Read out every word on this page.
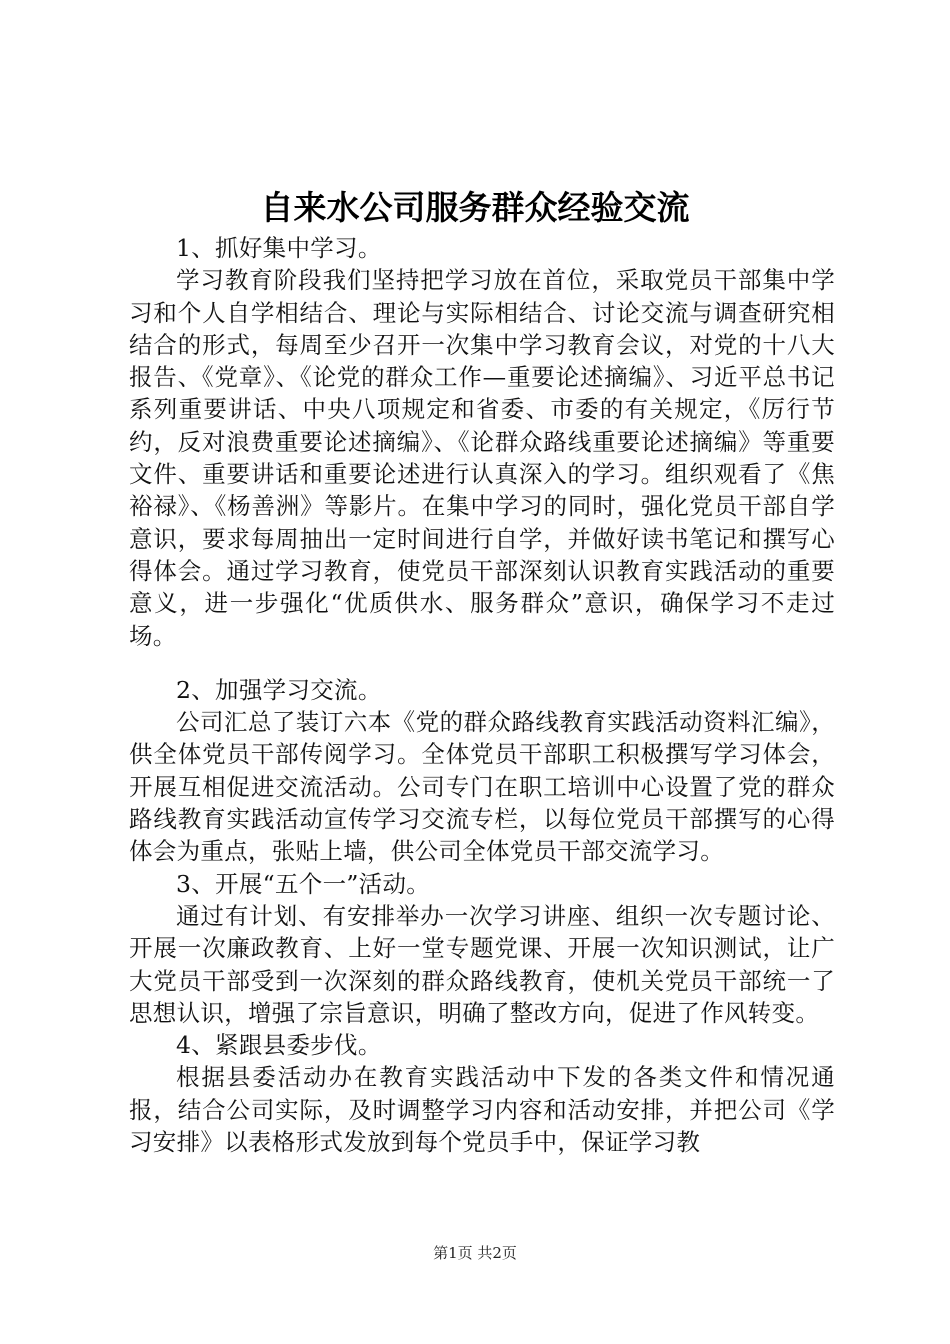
自来水公司服务群众经验交流

1、抓好集中学习。

学习教育阶段我们坚持把学习放在首位，采取党员干部集中学习和个人自学相结合、理论与实际相结合、讨论交流与调查研究相结合的形式，每周至少召开一次集中学习教育会议，对党的十八大报告、《党章》、《论党的群众工作—重要论述摘编》、习近平总书记系列重要讲话、中央八项规定和省委、市委的有关规定，《厉行节约，反对浪费重要论述摘编》、《论群众路线重要论述摘编》等重要文件、重要讲话和重要论述进行认真深入的学习。组织观看了《焦裕禄》、《杨善洲》等影片。在集中学习的同时，强化党员干部自学意识，要求每周抽出一定时间进行自学，并做好读书笔记和撰写心得体会。通过学习教育，使党员干部深刻认识教育实践活动的重要意义，进一步强化“优质供水、服务群众”意识，确保学习不走过场。

2、加强学习交流。

公司汇总了装订六本《党的群众路线教育实践活动资料汇编》，供全体党员干部传阅学习。全体党员干部职工积极撰写学习体会，开展互相促进交流活动。公司专门在职工培训中心设置了党的群众路线教育实践活动宣传学习交流专栏，以每位党员干部撰写的心得体会为重点，张贴上墙，供公司全体党员干部交流学习。

3、开展“五个一”活动。

通过有计划、有安排举办一次学习讲座、组织一次专题讨论、开展一次廉政教育、上好一堂专题党课、开展一次知识测试，让广大党员干部受到一次深刻的群众路线教育，使机关党员干部统一了思想认识，增强了宗旨意识，明确了整改方向，促进了作风转变。

4、紧跟县委步伐。

根据县委活动办在教育实践活动中下发的各类文件和情况通报，结合公司实际，及时调整学习内容和活动安排，并把公司《学习安排》以表格形式发放到每个党员手中，保证学习教

第1页 共2页
